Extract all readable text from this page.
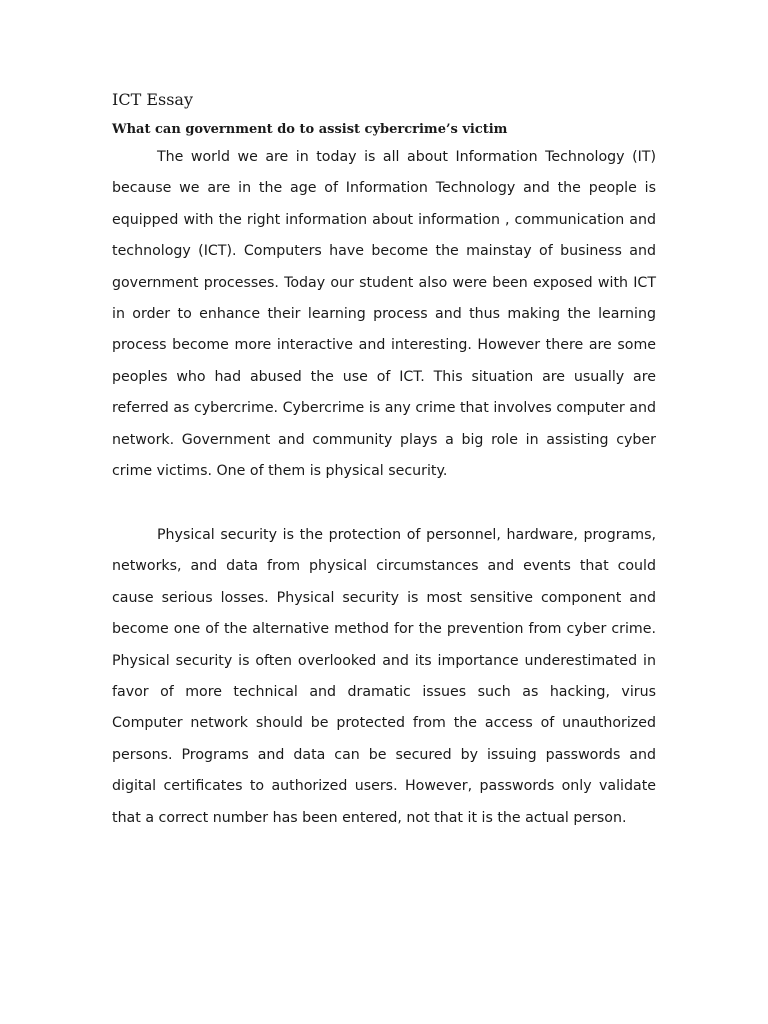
ICT Essay
What can government do to assist cybercrime’s victim

The world we are in today is all about Information Technology (IT) because we are in the age of Information Technology and the people is equipped with the right information about information , communication and technology (ICT). Computers have become the mainstay of business and government processes. Today our student also were been exposed with ICT in order to enhance their learning process and thus making the learning process become more interactive and interesting. However there are some peoples who had abused the use of ICT. This situation are usually are referred as cybercrime. Cybercrime is any crime that involves computer and network. Government and community plays a big role in assisting cyber crime victims. One of them is physical security.

Physical security is the protection of personnel, hardware, programs, networks, and data from physical circumstances and events that could cause serious losses. Physical security is most sensitive component and become one of the alternative method for the prevention from cyber crime. Physical security is often overlooked and its importance underestimated in favor of more technical and dramatic issues such as hacking, virus Computer network should be protected from the access of unauthorized persons. Programs and data can be secured by issuing passwords and digital certificates to authorized users. However, passwords only validate that a correct number has been entered, not that it is the actual person.
